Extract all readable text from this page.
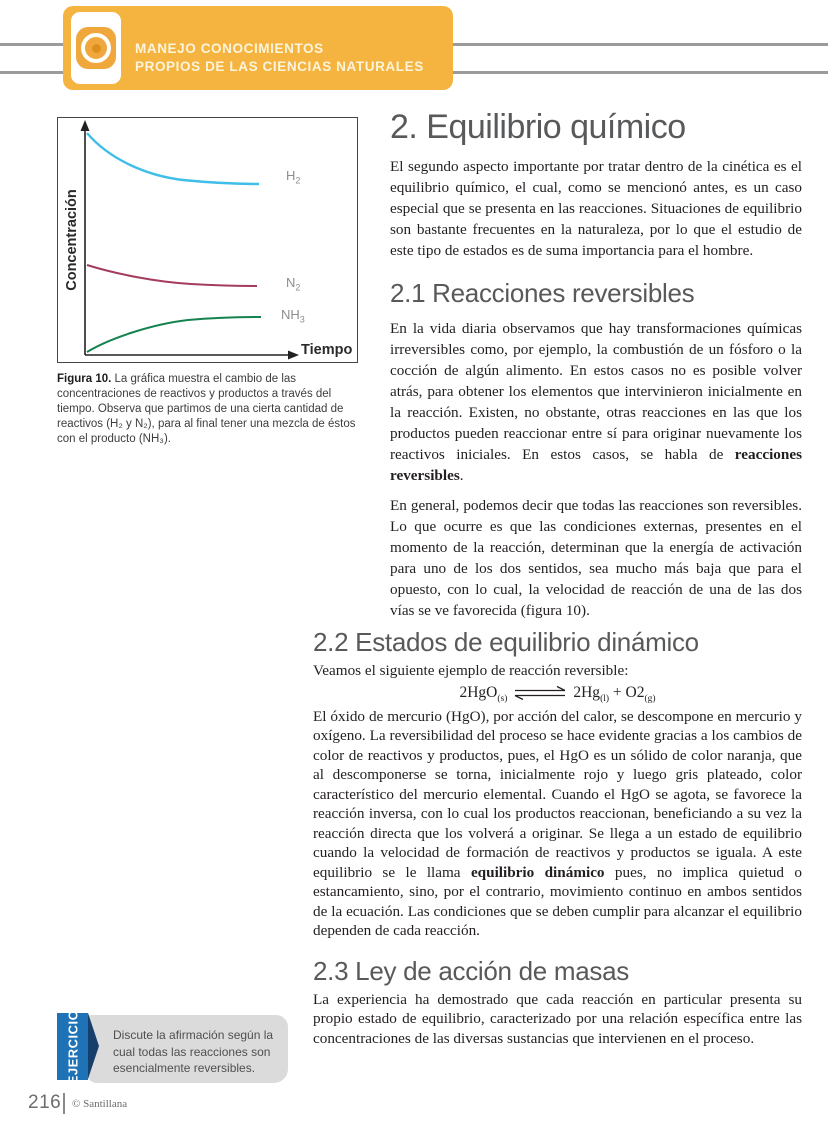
MANEJO CONOCIMIENTOS
PROPIOS DE LAS CIENCIAS NATURALES
Concentración
Tiempo
$H_2$
$N_2$
$NH_3$
Figura 10. La gráfica muestra el cambio de las concentraciones de reactivos y productos a través del tiempo. Observa que partimos de una cierta cantidad de reactivos (H₂ y N₂), para al final tener una mezcla de éstos con el producto (NH₃).
2. Equilibrio químico

El segundo aspecto importante por tratar dentro de la cinética es el equilibrio químico, el cual, como se mencionó antes, es un caso especial que se presenta en las reacciones. Situaciones de equilibrio son bastante frecuentes en la naturaleza, por lo que el estudio de este tipo de estados es de suma importancia para el hombre.

2.1 Reacciones reversibles

En la vida diaria observamos que hay transformaciones químicas irreversibles como, por ejemplo, la combustión de un fósforo o la cocción de algún alimento. En estos casos no es posible volver atrás, para obtener los elementos que intervinieron inicialmente en la reacción. Existen, no obstante, otras reacciones en las que los productos pueden reaccionar entre sí para originar nuevamente los reactivos iniciales. En estos casos, se habla de reacciones reversibles.

En general, podemos decir que todas las reacciones son reversibles. Lo que ocurre es que las condiciones externas, presentes en el momento de la reacción, determinan que la energía de activación para uno de los dos sentidos, sea mucho más baja que para el opuesto, con lo cual, la velocidad de reacción de una de las dos vías se ve favorecida (figura 10).

2.2 Estados de equilibrio dinámico

Veamos el siguiente ejemplo de reacción reversible:

2HgO$_{(s)}$	$2Hg_{(l)} + O2_{(g)}$

El óxido de mercurio (HgO), por acción del calor, se descompone en mercurio y oxígeno. La reversibilidad del proceso se hace evidente gracias a los cambios de color de reactivos y productos, pues, el HgO es un sólido de color naranja, que al descomponerse se torna, inicialmente rojo y luego gris plateado, color característico del mercurio elemental. Cuando el HgO se agota, se favorece la reacción inversa, con lo cual los productos reaccionan, beneficiando a su vez la reacción directa que los volverá a originar. Se llega a un estado de equilibrio cuando la velocidad de formación de reactivos y productos se iguala. A este equilibrio se le llama equilibrio dinámico pues, no implica quietud o estancamiento, sino, por el contrario, movimiento continuo en ambos sentidos de la ecuación. Las condiciones que se deben cumplir para alcanzar el equilibrio dependen de cada reacción.

2.3 Ley de acción de masas

La experiencia ha demostrado que cada reacción en particular presenta su propio estado de equilibrio, caracterizado por una relación específica entre las concentraciones de las diversas sustancias que intervienen en el proceso.

Discute la afirmación según la cual todas las reacciones son esencialmente reversibles.
EJERCICIO
216 © Santillana
